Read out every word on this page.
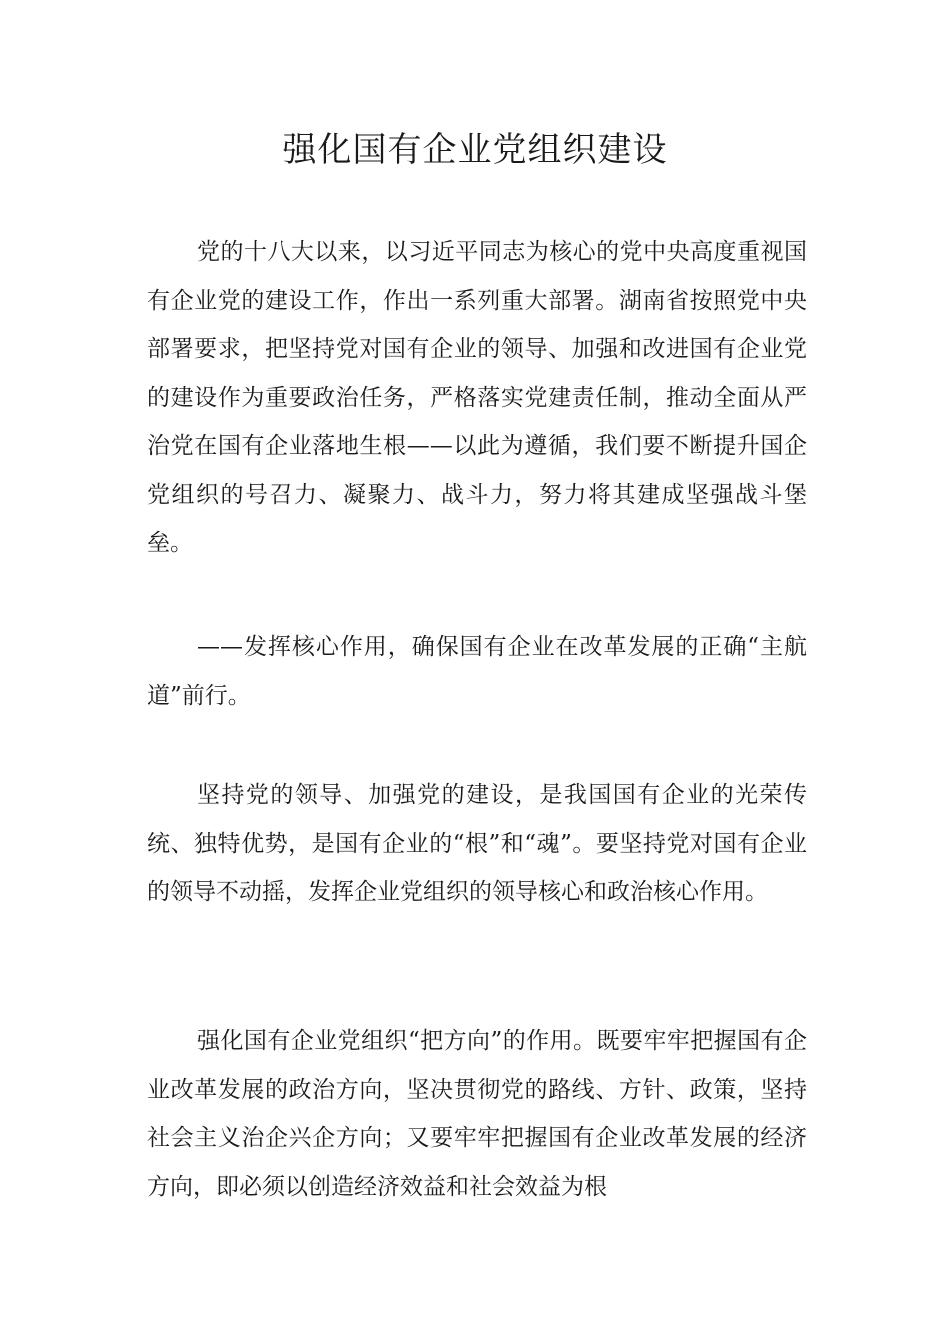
强化国有企业党组织建设

党的十八大以来，以习近平同志为核心的党中央高度重视国有企业党的建设工作，作出一系列重大部署。湖南省按照党中央部署要求，把坚持党对国有企业的领导、加强和改进国有企业党的建设作为重要政治任务，严格落实党建责任制，推动全面从严治党在国有企业落地生根——以此为遵循，我们要不断提升国企党组织的号召力、凝聚力、战斗力，努力将其建成坚强战斗堡垒。

——发挥核心作用，确保国有企业在改革发展的正确“主航道”前行。

坚持党的领导、加强党的建设，是我国国有企业的光荣传统、独特优势，是国有企业的“根”和“魂”。要坚持党对国有企业的领导不动摇，发挥企业党组织的领导核心和政治核心作用。

强化国有企业党组织“把方向”的作用。既要牢牢把握国有企业改革发展的政治方向，坚决贯彻党的路线、方针、政策，坚持社会主义治企兴企方向；又要牢牢把握国有企业改革发展的经济方向，即必须以创造经济效益和社会效益为根
